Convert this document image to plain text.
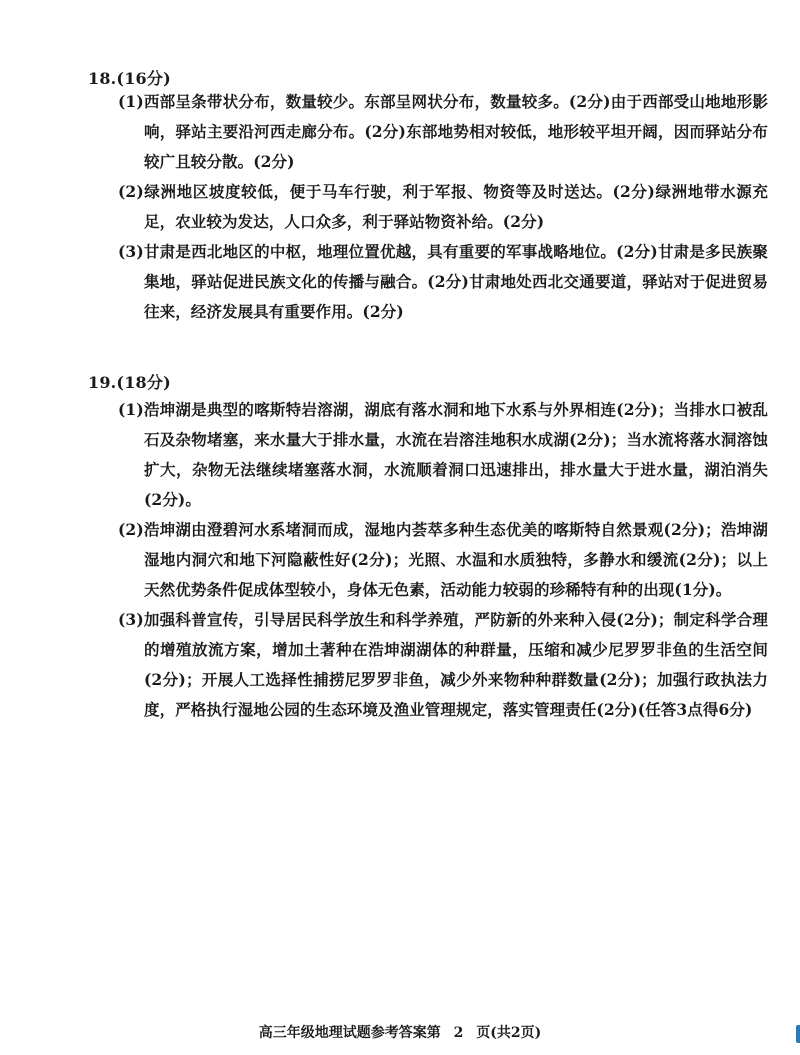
18.(16分)

(1)西部呈条带状分布，数量较少。东部呈网状分布，数量较多。(2分)由于西部受山地地形影响，驿站主要沿河西走廊分布。(2分)东部地势相对较低，地形较平坦开阔，因而驿站分布较广且较分散。(2分)

(2)绿洲地区坡度较低，便于马车行驶，利于军报、物资等及时送达。(2分)绿洲地带水源充足，农业较为发达，人口众多，利于驿站物资补给。(2分)

(3)甘肃是西北地区的中枢，地理位置优越，具有重要的军事战略地位。(2分)甘肃是多民族聚集地，驿站促进民族文化的传播与融合。(2分)甘肃地处西北交通要道，驿站对于促进贸易往来，经济发展具有重要作用。(2分)

19.(18分)

(1)浩坤湖是典型的喀斯特岩溶湖，湖底有落水洞和地下水系与外界相连(2分)；当排水口被乱石及杂物堵塞，来水量大于排水量，水流在岩溶洼地积水成湖(2分)；当水流将落水洞溶蚀扩大，杂物无法继续堵塞落水洞，水流顺着洞口迅速排出，排水量大于进水量，湖泊消失(2分)。

(2)浩坤湖由澄碧河水系堵洞而成，湿地内荟萃多种生态优美的喀斯特自然景观(2分)；浩坤湖湿地内洞穴和地下河隐蔽性好(2分)；光照、水温和水质独特，多静水和缓流(2分)；以上天然优势条件促成体型较小，身体无色素，活动能力较弱的珍稀特有种的出现(1分)。

(3)加强科普宣传，引导居民科学放生和科学养殖，严防新的外来种入侵(2分)；制定科学合理的增殖放流方案，增加土著种在浩坤湖湖体的种群量，压缩和减少尼罗罗非鱼的生活空间(2分)；开展人工选择性捕捞尼罗罗非鱼，减少外来物种种群数量(2分)；加强行政执法力度，严格执行湿地公园的生态环境及渔业管理规定，落实管理责任(2分)(任答3点得6分)

高三年级地理试题参考答案第 2 页(共2页)
